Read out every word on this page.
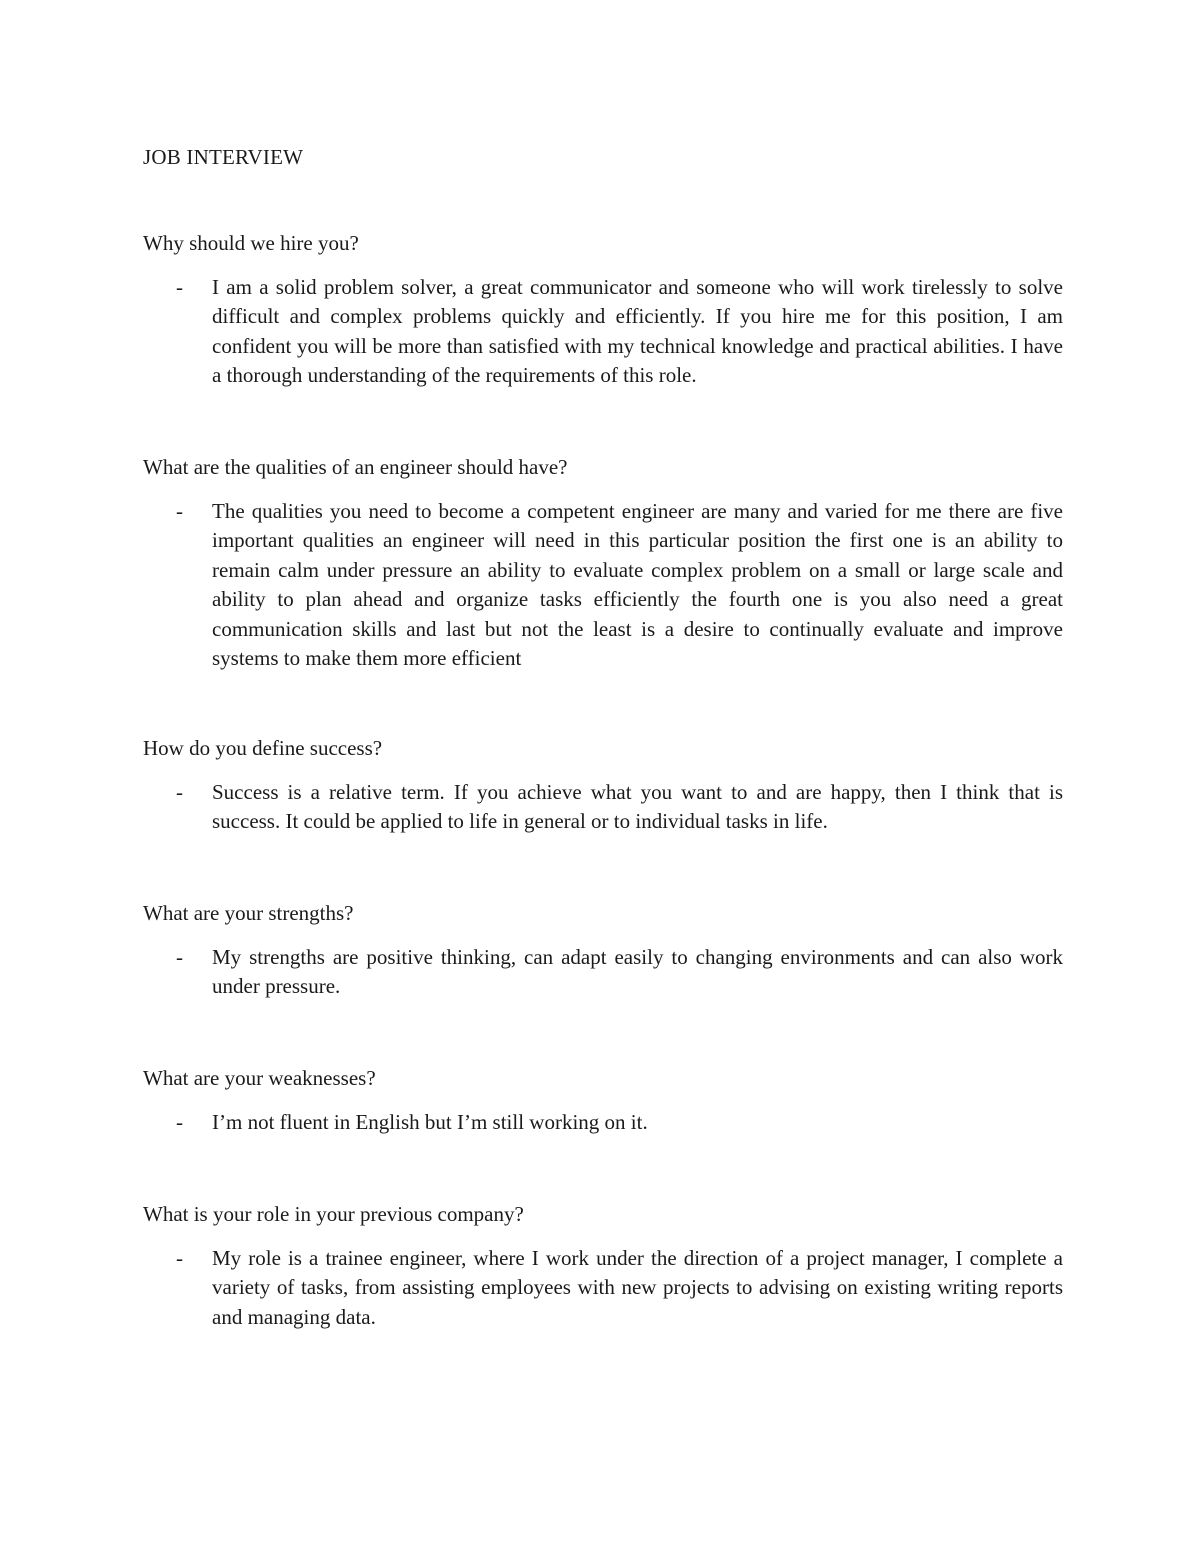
JOB INTERVIEW

Why should we hire you?

- I am a solid problem solver, a great communicator and someone who will work tirelessly to solve difficult and complex problems quickly and efficiently. If you hire me for this position, I am confident you will be more than satisfied with my technical knowledge and practical abilities. I have a thorough understanding of the requirements of this role.

What are the qualities of an engineer should have?

- The qualities you need to become a competent engineer are many and varied for me there are five important qualities an engineer will need in this particular position the first one is an ability to remain calm under pressure an ability to evaluate complex problem on a small or large scale and ability to plan ahead and organize tasks efficiently the fourth one is you also need a great communication skills and last but not the least is a desire to continually evaluate and improve systems to make them more efficient

How do you define success?

- Success is a relative term. If you achieve what you want to and are happy, then I think that is success. It could be applied to life in general or to individual tasks in life.

What are your strengths?

- My strengths are positive thinking, can adapt easily to changing environments and can also work under pressure.

What are your weaknesses?

- I’m not fluent in English but I’m still working on it.

What is your role in your previous company?

- My role is a trainee engineer, where I work under the direction of a project manager, I complete a variety of tasks, from assisting employees with new projects to advising on existing writing reports and managing data.
